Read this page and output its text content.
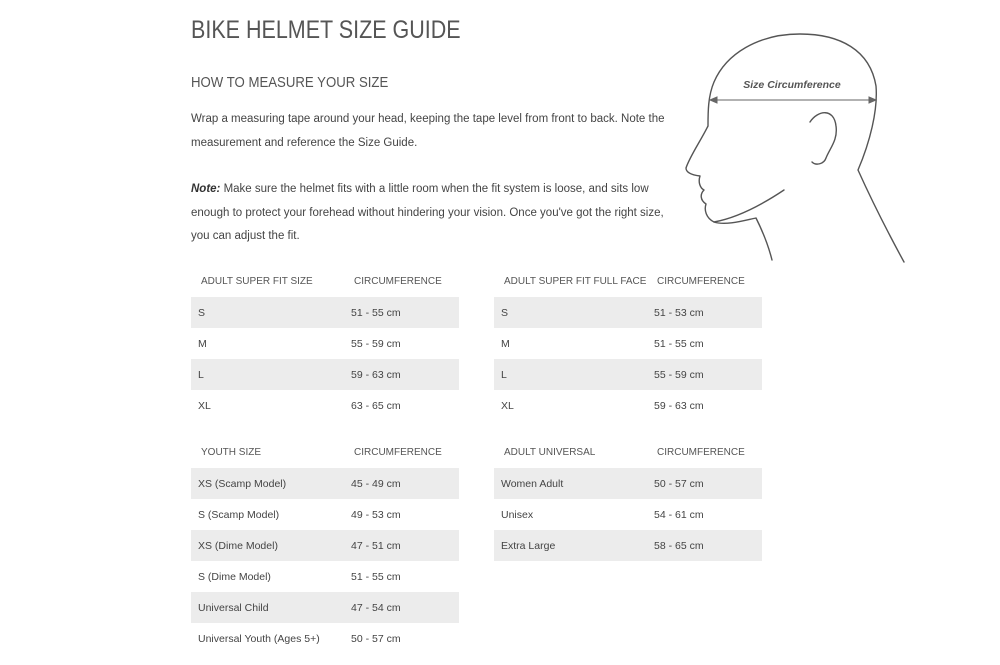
BIKE HELMET SIZE GUIDE
HOW TO MEASURE YOUR SIZE
Wrap a measuring tape around your head, keeping the tape level from front to back. Note the measurement and reference the Size Guide.
Note: Make sure the helmet fits with a little room when the fit system is loose, and sits low enough to protect your forehead without hindering your vision. Once you've got the right size, you can adjust the fit.
Size Circumference
ADULT SUPER FIT SIZE	CIRCUMFERENCE
S	51 - 55 cm
M	55 - 59 cm
L	59 - 63 cm
XL	63 - 65 cm
ADULT SUPER FIT FULL FACE	CIRCUMFERENCE
S	51 - 53 cm
M	51 - 55 cm
L	55 - 59 cm
XL	59 - 63 cm
YOUTH SIZE	CIRCUMFERENCE
XS (Scamp Model)	45 - 49 cm
S (Scamp Model)	49 - 53 cm
XS (Dime Model)	47 - 51 cm
S (Dime Model)	51 - 55 cm
Universal Child	47 - 54 cm
Universal Youth (Ages 5+)	50 - 57 cm
ADULT UNIVERSAL	CIRCUMFERENCE
Women Adult	50 - 57 cm
Unisex	54 - 61 cm
Extra Large	58 - 65 cm
